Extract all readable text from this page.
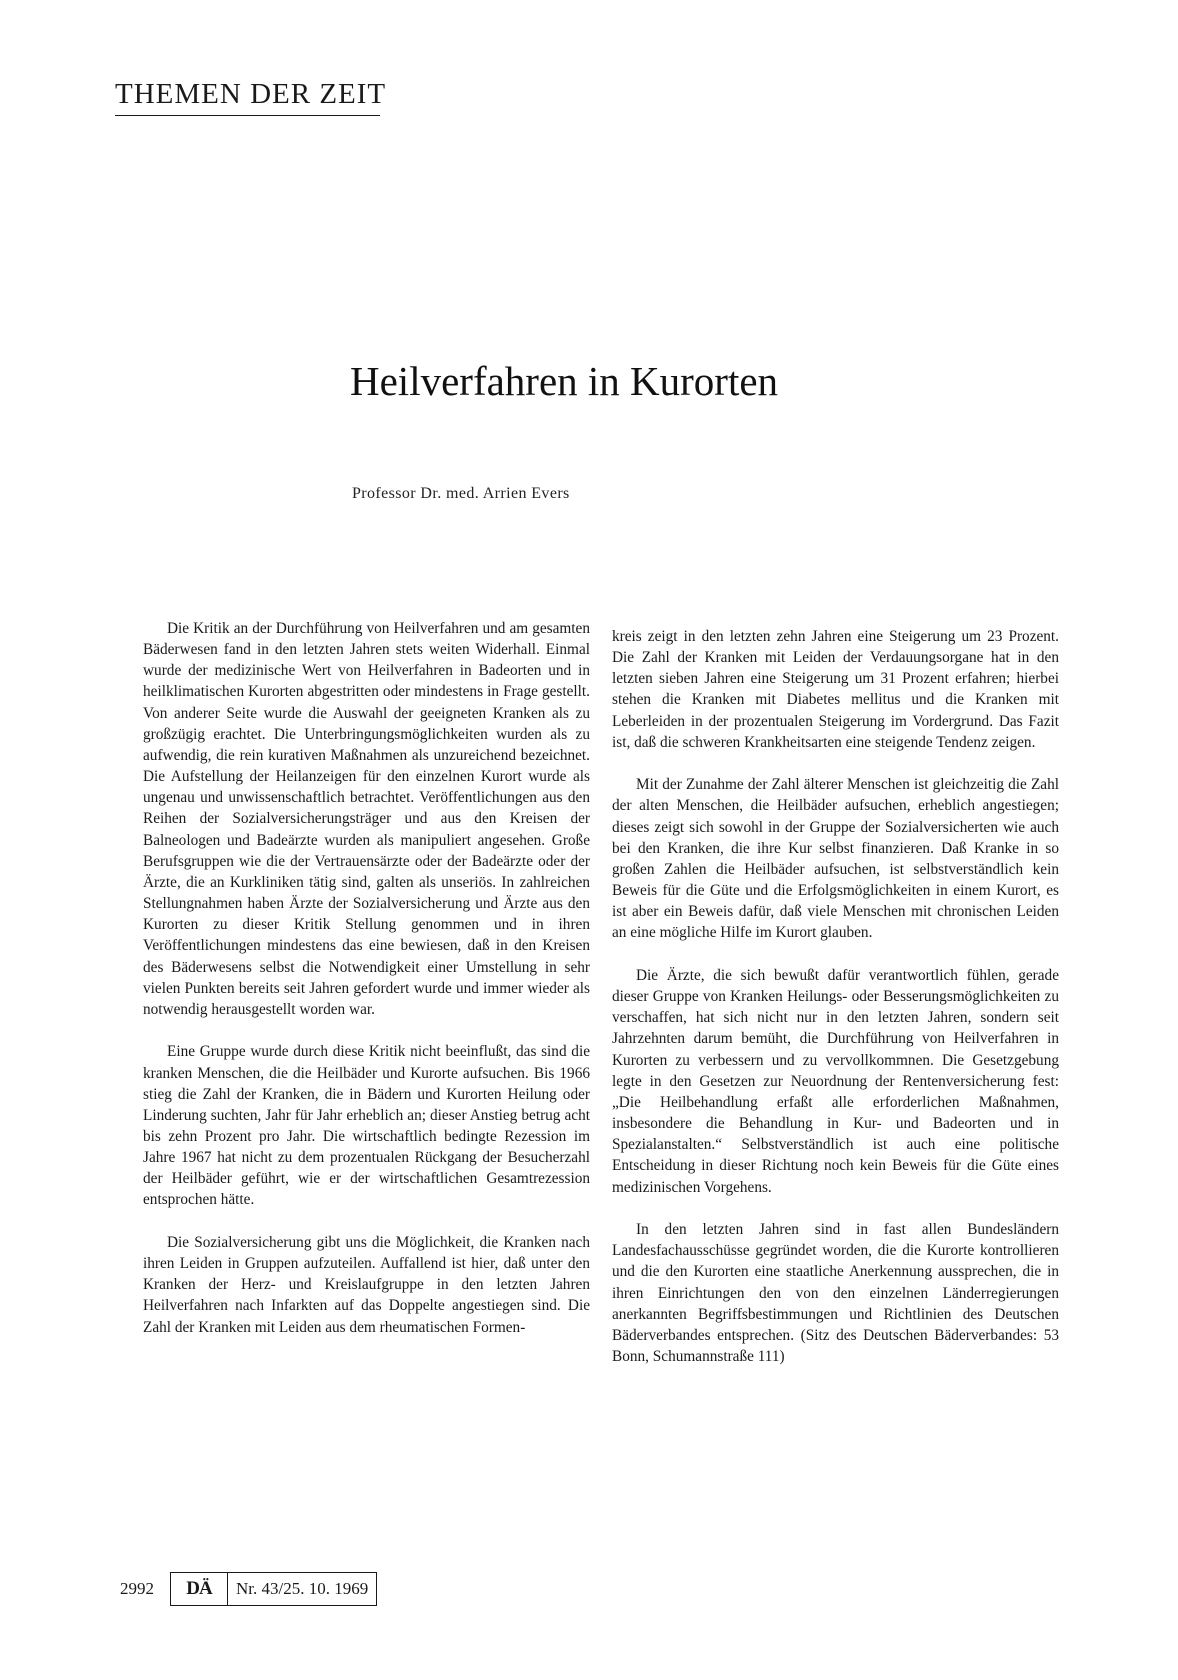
THEMEN DER ZEIT
Heilverfahren in Kurorten
Professor Dr. med. Arrien Evers

Die Kritik an der Durchführung von Heilverfahren und am gesamten Bäderwesen fand in den letzten Jahren stets weiten Widerhall. Einmal wurde der medizinische Wert von Heilverfahren in Badeorten und in heilklimatischen Kurorten abgestritten oder mindestens in Frage gestellt. Von anderer Seite wurde die Auswahl der geeigneten Kranken als zu großzügig erachtet. Die Unterbringungsmöglichkeiten wurden als zu aufwendig, die rein kurativen Maßnahmen als unzureichend bezeichnet. Die Aufstellung der Heilanzeigen für den einzelnen Kurort wurde als ungenau und unwissenschaftlich betrachtet. Veröffentlichungen aus den Reihen der Sozialversicherungsträger und aus den Kreisen der Balneologen und Badeärzte wurden als manipuliert angesehen. Große Berufsgruppen wie die der Vertrauensärzte oder der Badeärzte oder der Ärzte, die an Kurkliniken tätig sind, galten als unseriös. In zahlreichen Stellungnahmen haben Ärzte der Sozialversicherung und Ärzte aus den Kurorten zu dieser Kritik Stellung genommen und in ihren Veröffentlichungen mindestens das eine bewiesen, daß in den Kreisen des Bäderwesens selbst die Notwendigkeit einer Umstellung in sehr vielen Punkten bereits seit Jahren gefordert wurde und immer wieder als notwendig herausgestellt worden war.

Eine Gruppe wurde durch diese Kritik nicht beeinflußt, das sind die kranken Menschen, die die Heilbäder und Kurorte aufsuchen. Bis 1966 stieg die Zahl der Kranken, die in Bädern und Kurorten Heilung oder Linderung suchten, Jahr für Jahr erheblich an; dieser Anstieg betrug acht bis zehn Prozent pro Jahr. Die wirtschaftlich bedingte Rezession im Jahre 1967 hat nicht zu dem prozentualen Rückgang der Besucherzahl der Heilbäder geführt, wie er der wirtschaftlichen Gesamtrezession entsprochen hätte.

Die Sozialversicherung gibt uns die Möglichkeit, die Kranken nach ihren Leiden in Gruppen aufzuteilen. Auffallend ist hier, daß unter den Kranken der Herz- und Kreislaufgruppe in den letzten Jahren Heilverfahren nach Infarkten auf das Doppelte angestiegen sind. Die Zahl der Kranken mit Leiden aus dem rheumatischen Formen-

kreis zeigt in den letzten zehn Jahren eine Steigerung um 23 Prozent. Die Zahl der Kranken mit Leiden der Verdauungsorgane hat in den letzten sieben Jahren eine Steigerung um 31 Prozent erfahren; hierbei stehen die Kranken mit Diabetes mellitus und die Kranken mit Leberleiden in der prozentualen Steigerung im Vordergrund. Das Fazit ist, daß die schweren Krankheitsarten eine steigende Tendenz zeigen.

Mit der Zunahme der Zahl älterer Menschen ist gleichzeitig die Zahl der alten Menschen, die Heilbäder aufsuchen, erheblich angestiegen; dieses zeigt sich sowohl in der Gruppe der Sozialversicherten wie auch bei den Kranken, die ihre Kur selbst finanzieren. Daß Kranke in so großen Zahlen die Heilbäder aufsuchen, ist selbstverständlich kein Beweis für die Güte und die Erfolgsmöglichkeiten in einem Kurort, es ist aber ein Beweis dafür, daß viele Menschen mit chronischen Leiden an eine mögliche Hilfe im Kurort glauben.

Die Ärzte, die sich bewußt dafür verantwortlich fühlen, gerade dieser Gruppe von Kranken Heilungs- oder Besserungsmöglichkeiten zu verschaffen, hat sich nicht nur in den letzten Jahren, sondern seit Jahrzehnten darum bemüht, die Durchführung von Heilverfahren in Kurorten zu verbessern und zu vervollkommnen. Die Gesetzgebung legte in den Gesetzen zur Neuordnung der Rentenversicherung fest: „Die Heilbehandlung erfaßt alle erforderlichen Maßnahmen, insbesondere die Behandlung in Kur- und Badeorten und in Spezialanstalten.“ Selbstverständlich ist auch eine politische Entscheidung in dieser Richtung noch kein Beweis für die Güte eines medizinischen Vorgehens.

In den letzten Jahren sind in fast allen Bundesländern Landesfachausschüsse gegründet worden, die die Kurorte kontrollieren und die den Kurorten eine staatliche Anerkennung aussprechen, die in ihren Einrichtungen den von den einzelnen Länderregierungen anerkannten Begriffsbestimmungen und Richtlinien des Deutschen Bäderverbandes entsprechen. (Sitz des Deutschen Bäderverbandes: 53 Bonn, Schumannstraße 111)

2992	DÄ	Nr. 43/25. 10. 1969
